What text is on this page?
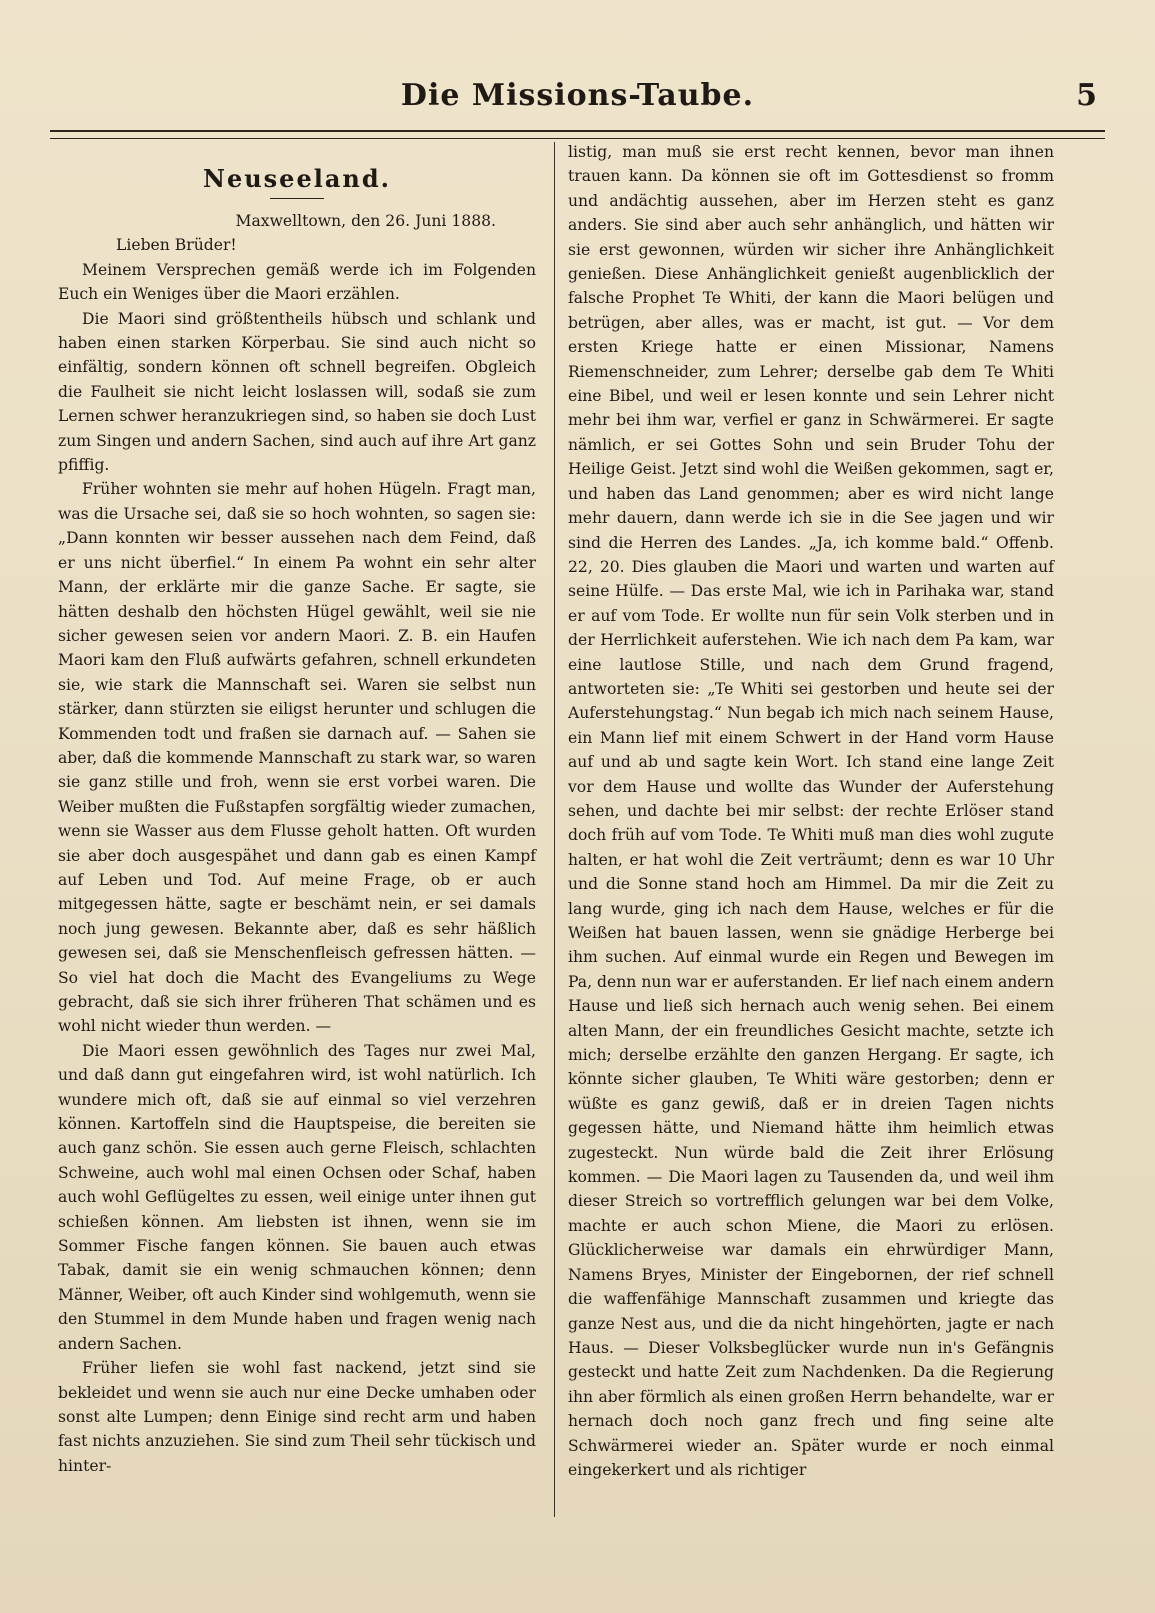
Die Missions-Taube.	5
Neuseeland.

Maxwelltown, den 26. Juni 1888.

Lieben Brüder!

Meinem Versprechen gemäß werde ich im Folgenden Euch ein Weniges über die Maori erzählen.

Die Maori sind größtentheils hübsch und schlank und haben einen starken Körperbau. Sie sind auch nicht so einfältig, sondern können oft schnell begreifen. Obgleich die Faulheit sie nicht leicht loslassen will, sodaß sie zum Lernen schwer heranzukriegen sind, so haben sie doch Lust zum Singen und andern Sachen, sind auch auf ihre Art ganz pfiffig.

Früher wohnten sie mehr auf hohen Hügeln. Fragt man, was die Ursache sei, daß sie so hoch wohnten, so sagen sie: „Dann konnten wir besser aussehen nach dem Feind, daß er uns nicht überfiel.“ In einem Pa wohnt ein sehr alter Mann, der erklärte mir die ganze Sache. Er sagte, sie hätten deshalb den höchsten Hügel gewählt, weil sie nie sicher gewesen seien vor andern Maori. Z. B. ein Haufen Maori kam den Fluß aufwärts gefahren, schnell erkundeten sie, wie stark die Mannschaft sei. Waren sie selbst nun stärker, dann stürzten sie eiligst herunter und schlugen die Kommenden todt und fraßen sie darnach auf. — Sahen sie aber, daß die kommende Mannschaft zu stark war, so waren sie ganz stille und froh, wenn sie erst vorbei waren. Die Weiber mußten die Fußstapfen sorgfältig wieder zumachen, wenn sie Wasser aus dem Flusse geholt hatten. Oft wurden sie aber doch ausgespähet und dann gab es einen Kampf auf Leben und Tod. Auf meine Frage, ob er auch mitgegessen hätte, sagte er beschämt nein, er sei damals noch jung gewesen. Bekannte aber, daß es sehr häßlich gewesen sei, daß sie Menschenfleisch gefressen hätten. — So viel hat doch die Macht des Evangeliums zu Wege gebracht, daß sie sich ihrer früheren That schämen und es wohl nicht wieder thun werden. —

Die Maori essen gewöhnlich des Tages nur zwei Mal, und daß dann gut eingefahren wird, ist wohl natürlich. Ich wundere mich oft, daß sie auf einmal so viel verzehren können. Kartoffeln sind die Hauptspeise, die bereiten sie auch ganz schön. Sie essen auch gerne Fleisch, schlachten Schweine, auch wohl mal einen Ochsen oder Schaf, haben auch wohl Geflügeltes zu essen, weil einige unter ihnen gut schießen können. Am liebsten ist ihnen, wenn sie im Sommer Fische fangen können. Sie bauen auch etwas Tabak, damit sie ein wenig schmauchen können; denn Männer, Weiber, oft auch Kinder sind wohlgemuth, wenn sie den Stummel in dem Munde haben und fragen wenig nach andern Sachen.

Früher liefen sie wohl fast nackend, jetzt sind sie bekleidet und wenn sie auch nur eine Decke umhaben oder sonst alte Lumpen; denn Einige sind recht arm und haben fast nichts anzuziehen. Sie sind zum Theil sehr tückisch und hinter-

listig, man muß sie erst recht kennen, bevor man ihnen trauen kann. Da können sie oft im Gottesdienst so fromm und andächtig aussehen, aber im Herzen steht es ganz anders. Sie sind aber auch sehr anhänglich, und hätten wir sie erst gewonnen, würden wir sicher ihre Anhänglichkeit genießen. Diese Anhänglichkeit genießt augenblicklich der falsche Prophet Te Whiti, der kann die Maori belügen und betrügen, aber alles, was er macht, ist gut. — Vor dem ersten Kriege hatte er einen Missionar, Namens Riemenschneider, zum Lehrer; derselbe gab dem Te Whiti eine Bibel, und weil er lesen konnte und sein Lehrer nicht mehr bei ihm war, verfiel er ganz in Schwärmerei. Er sagte nämlich, er sei Gottes Sohn und sein Bruder Tohu der Heilige Geist. Jetzt sind wohl die Weißen gekommen, sagt er, und haben das Land genommen; aber es wird nicht lange mehr dauern, dann werde ich sie in die See jagen und wir sind die Herren des Landes. „Ja, ich komme bald.“ Offenb. 22, 20. Dies glauben die Maori und warten und warten auf seine Hülfe. — Das erste Mal, wie ich in Parihaka war, stand er auf vom Tode. Er wollte nun für sein Volk sterben und in der Herrlichkeit auferstehen. Wie ich nach dem Pa kam, war eine lautlose Stille, und nach dem Grund fragend, antworteten sie: „Te Whiti sei gestorben und heute sei der Auferstehungstag.“ Nun begab ich mich nach seinem Hause, ein Mann lief mit einem Schwert in der Hand vorm Hause auf und ab und sagte kein Wort. Ich stand eine lange Zeit vor dem Hause und wollte das Wunder der Auferstehung sehen, und dachte bei mir selbst: der rechte Erlöser stand doch früh auf vom Tode. Te Whiti muß man dies wohl zugute halten, er hat wohl die Zeit verträumt; denn es war 10 Uhr und die Sonne stand hoch am Himmel. Da mir die Zeit zu lang wurde, ging ich nach dem Hause, welches er für die Weißen hat bauen lassen, wenn sie gnädige Herberge bei ihm suchen. Auf einmal wurde ein Regen und Bewegen im Pa, denn nun war er auferstanden. Er lief nach einem andern Hause und ließ sich hernach auch wenig sehen. Bei einem alten Mann, der ein freundliches Gesicht machte, setzte ich mich; derselbe erzählte den ganzen Hergang. Er sagte, ich könnte sicher glauben, Te Whiti wäre gestorben; denn er wüßte es ganz gewiß, daß er in dreien Tagen nichts gegessen hätte, und Niemand hätte ihm heimlich etwas zugesteckt. Nun würde bald die Zeit ihrer Erlösung kommen. — Die Maori lagen zu Tausenden da, und weil ihm dieser Streich so vortrefflich gelungen war bei dem Volke, machte er auch schon Miene, die Maori zu erlösen. Glücklicherweise war damals ein ehrwürdiger Mann, Namens Bryes, Minister der Eingebornen, der rief schnell die waffenfähige Mannschaft zusammen und kriegte das ganze Nest aus, und die da nicht hingehörten, jagte er nach Haus. — Dieser Volksbeglücker wurde nun in's Gefängnis gesteckt und hatte Zeit zum Nachdenken. Da die Regierung ihn aber förmlich als einen großen Herrn behandelte, war er hernach doch noch ganz frech und fing seine alte Schwärmerei wieder an. Später wurde er noch einmal eingekerkert und als richtiger
